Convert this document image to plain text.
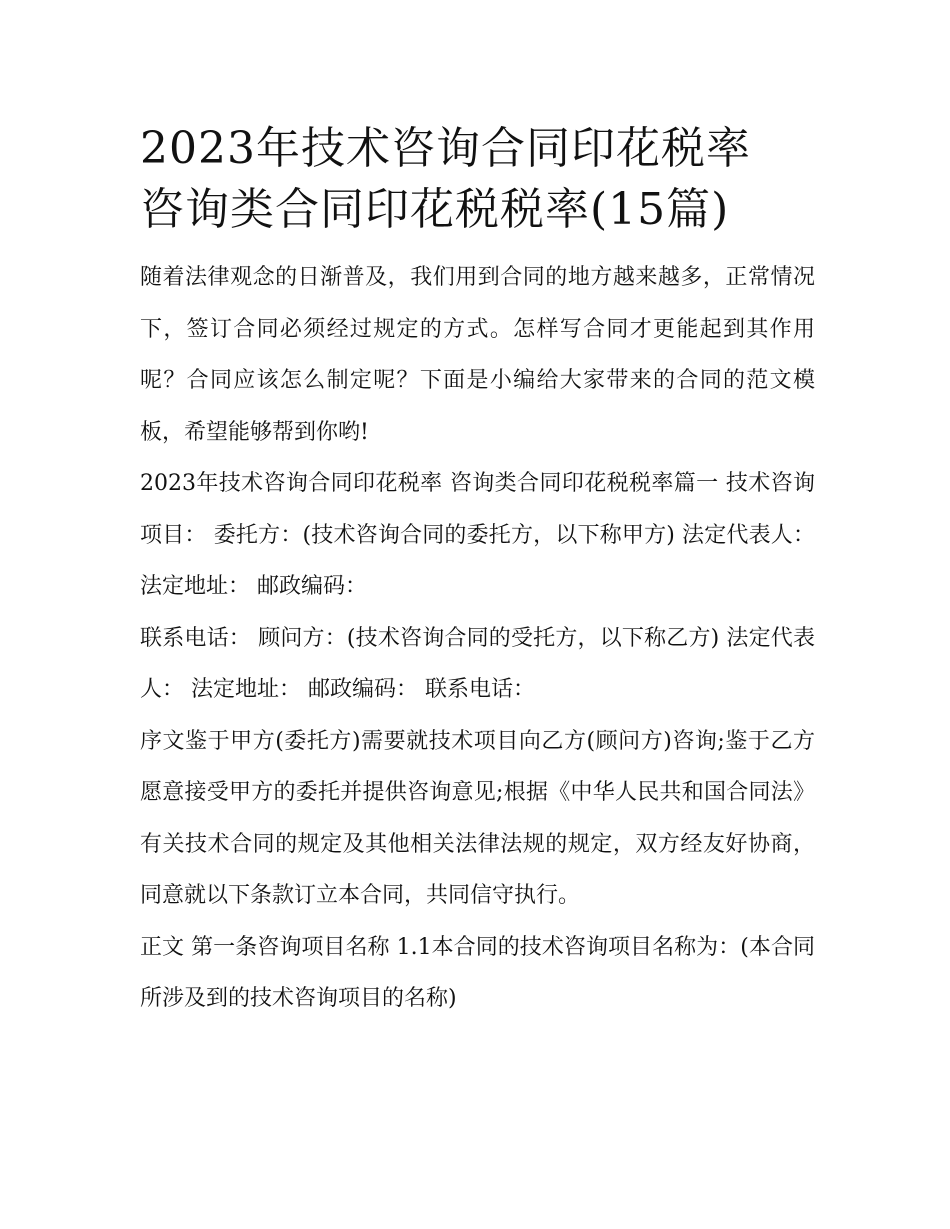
2023年技术咨询合同印花税率
咨询类合同印花税税率(15篇)

随着法律观念的日渐普及，我们用到合同的地方越来越多，正常情况下，签订合同必须经过规定的方式。怎样写合同才更能起到其作用呢？合同应该怎么制定呢？下面是小编给大家带来的合同的范文模板，希望能够帮到你哟!

2023年技术咨询合同印花税率 咨询类合同印花税税率篇一 技术咨询项目： 委托方：(技术咨询合同的委托方，以下称甲方) 法定代表人： 法定地址： 邮政编码：

联系电话： 顾问方：(技术咨询合同的受托方，以下称乙方) 法定代表人： 法定地址： 邮政编码： 联系电话：

序文鉴于甲方(委托方)需要就技术项目向乙方(顾问方)咨询;鉴于乙方愿意接受甲方的委托并提供咨询意见;根据《中华人民共和国合同法》有关技术合同的规定及其他相关法律法规的规定，双方经友好协商，同意就以下条款订立本合同，共同信守执行。

正文 第一条咨询项目名称 1.1本合同的技术咨询项目名称为：(本合同所涉及到的技术咨询项目的名称)
